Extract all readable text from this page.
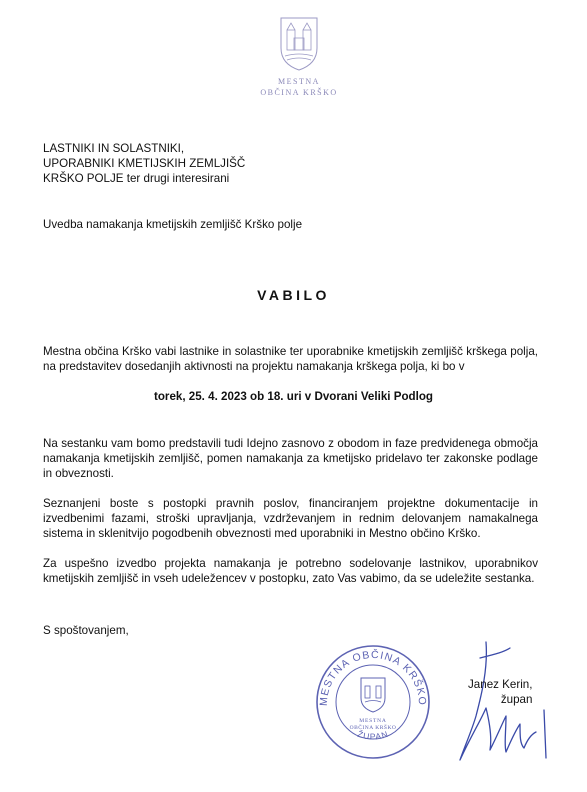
MESTNA
OBČINA KRŠKO
LASTNIKI IN SOLASTNIKI,
UPORABNIKI KMETIJSKIH ZEMLJIŠČ
KRŠKO POLJE ter drugi interesirani
Uvedba namakanja kmetijskih zemljišč Krško polje
VABILO
Mestna občina Krško vabi lastnike in solastnike ter uporabnike kmetijskih zemljišč krškega polja, na predstavitev dosedanjih aktivnosti na projektu namakanja krškega polja, ki bo v
torek, 25. 4. 2023 ob 18. uri v Dvorani Veliki Podlog
Na sestanku vam bomo predstavili tudi Idejno zasnovo z obodom in faze predvidenega območja namakanja kmetijskih zemljišč, pomen namakanja za kmetijsko pridelavo ter zakonske podlage in obveznosti.
Seznanjeni boste s postopki pravnih poslov, financiranjem projektne dokumentacije in izvedbenimi fazami, stroški upravljanja, vzdrževanjem in rednim delovanjem namakalnega sistema in sklenitvijo pogodbenih obveznosti med uporabniki in Mestno občino Krško.
Za uspešno izvedbo projekta namakanja je potrebno sodelovanje lastnikov, uporabnikov kmetijskih zemljišč in vseh udeležencev v postopku, zato Vas vabimo, da se udeležite sestanka.
S spoštovanjem,
MESTNA OBČINA KRŠKO
ŽUPAN
MESTNA
OBČINA KRŠKO
Janez Kerin,
župan
